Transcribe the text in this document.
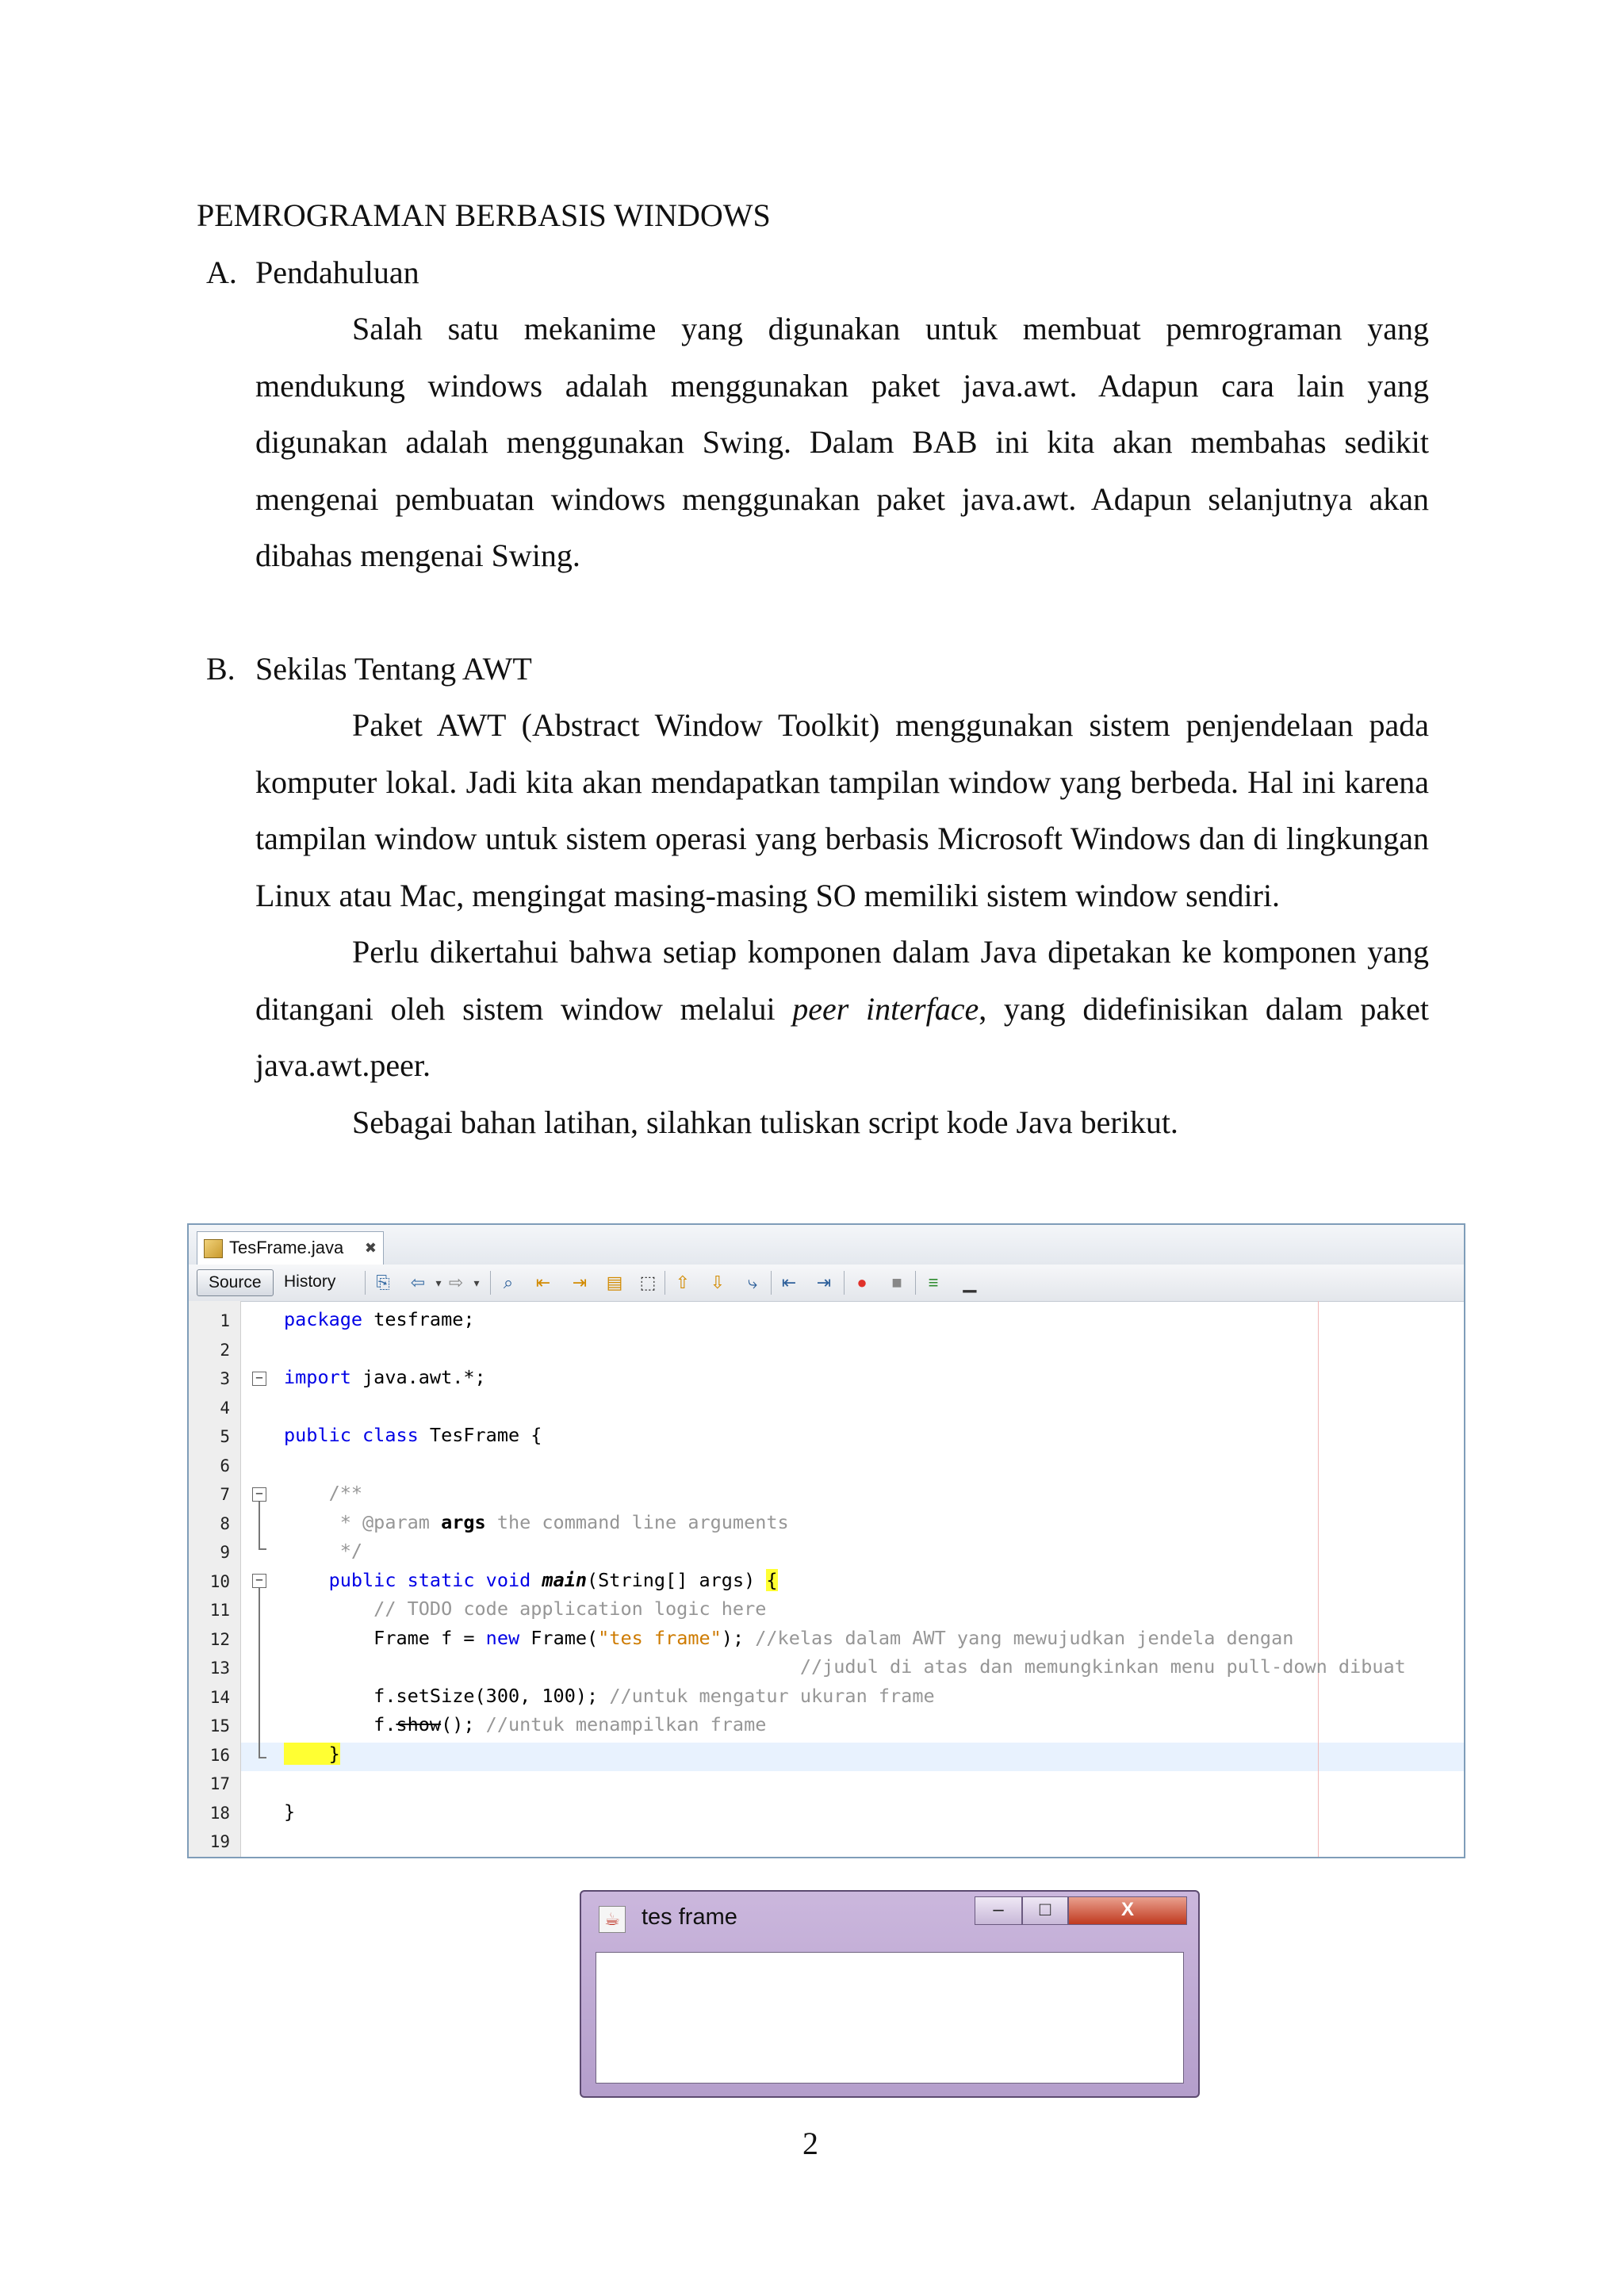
PEMROGRAMAN BERBASIS WINDOWS
A. Pendahuluan

Salah satu mekanime yang digunakan untuk membuat pemrograman yang mendukung windows adalah menggunakan paket java.awt. Adapun cara lain yang digunakan adalah menggunakan Swing. Dalam BAB ini kita akan membahas sedikit mengenai pembuatan windows menggunakan paket java.awt. Adapun selanjutnya akan dibahas mengenai Swing.

B. Sekilas Tentang AWT

Paket AWT (Abstract Window Toolkit) menggunakan sistem penjendelaan pada komputer lokal. Jadi kita akan mendapatkan tampilan window yang berbeda. Hal ini karena tampilan window untuk sistem operasi yang berbasis Microsoft Windows dan di lingkungan Linux atau Mac, mengingat masing-masing SO memiliki sistem window sendiri.

Perlu dikertahui bahwa setiap komponen dalam Java dipetakan ke komponen yang ditangani oleh sistem window melalui peer interface, yang didefinisikan dalam paket java.awt.peer.

Sebagai bahan latihan, silahkan tuliskan script kode Java berikut.

TesFrame.java ✖
Source	History	⎘ ⇦ ▾ ⇨ ▾	⌕	⇤ ⇥ ▤ ⬚ ⇧ ⇩	⤷	⇤ ⇥ ● ■ ≡ ▁
1
2
3
4
5
6
7
8
9
10
11
12
13
14
15
16
17
18
19
−
−
−
package tesframe;
import java.awt.*;
public class TesFrame {
/**
* @param args the command line arguments
*/
public static void main(String[] args) {
// TODO code application logic here
Frame f = new Frame("tes frame"); //kelas dalam AWT yang mewujudkan jendela dengan
//judul di atas dan memungkinkan menu pull-down dibuat
f.setSize(300, 100); //untuk mengatur ukuran frame
f.show(); //untuk menampilkan frame
}
}
☕ tes frame	–	□	X
2
